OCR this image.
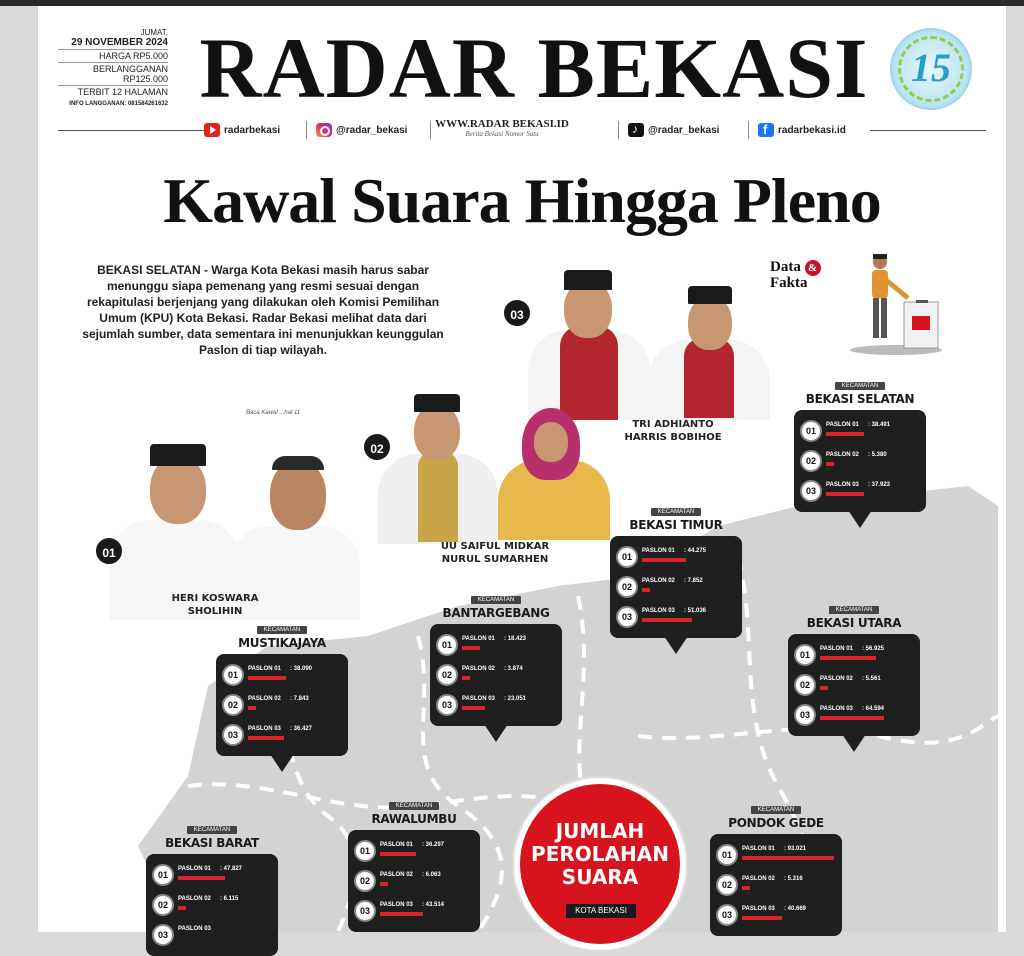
JUMAT,
29 NOVEMBER 2024
HARGA RP5.000
BERLANGGANAN
RP125.000
TERBIT 12 HALAMAN
INFO LANGGANAN: 081584261632 RADAR BEKASI	15
radarbekasi	@radar_bekasi	WWW.RADAR BEKASI.ID
Berita Bekasi Nomor Satu ♪	@radar_bekasi f	radarbekasi.id
Kawal Suara Hingga Pleno
BEKASI SELATAN - Warga Kota Bekasi masih harus sabar menunggu siapa pemenang yang resmi sesuai dengan rekapitulasi berjenjang yang dilakukan oleh Komisi Pemilihan Umum (KPU) Kota Bekasi. Radar Bekasi melihat data dari sejumlah sumber, data sementara ini menunjukkan keunggulan Paslon di tiap wilayah.
Baca Kawal ...hal 11
Data &
Fakta
03
TRI ADHIANTO
HARRIS BOBIHOE
02
UU SAIFUL MIDKAR
NURUL SUMARHEN
01
HERI KOSWARA
SHOLIHIN
KECAMATAN
BEKASI SELATAN
01
PASLON 01 : 38.491
02
PASLON 02 : 5.380
03
PASLON 03 : 37.923
KECAMATAN
BEKASI TIMUR
01
PASLON 01 : 44.275
02
PASLON 02 : 7.852
03
PASLON 03 : 51.036	KECAMATAN
BEKASI UTARA
01
PASLON 01 : 56.925
02
PASLON 02 : 5.561
03
PASLON 03 : 64.594
KECAMATAN
BANTARGEBANG
01
PASLON 01 : 18.423
02
PASLON 02 : 3.874
03
PASLON 03 : 23.051
KECAMATAN
MUSTIKAJAYA
01
PASLON 01 : 38.090
02
PASLON 02 : 7.843
03
PASLON 03 : 36.427
KECAMATAN
RAWALUMBU
01
PASLON 01 : 36.297
02
PASLON 02 : 6.063
03
PASLON 03 : 43.514
KECAMATAN
PONDOK GEDE
01
PASLON 01 : 93.021
02
PASLON 02 : 5.316
03
PASLON 03 : 40.669
KECAMATAN
BEKASI BARAT
01
PASLON 01 : 47.827
02
PASLON 02 : 6.115
03
PASLON 03
JUMLAH
PEROLAHAN
SUARA
KOTA BEKASI
